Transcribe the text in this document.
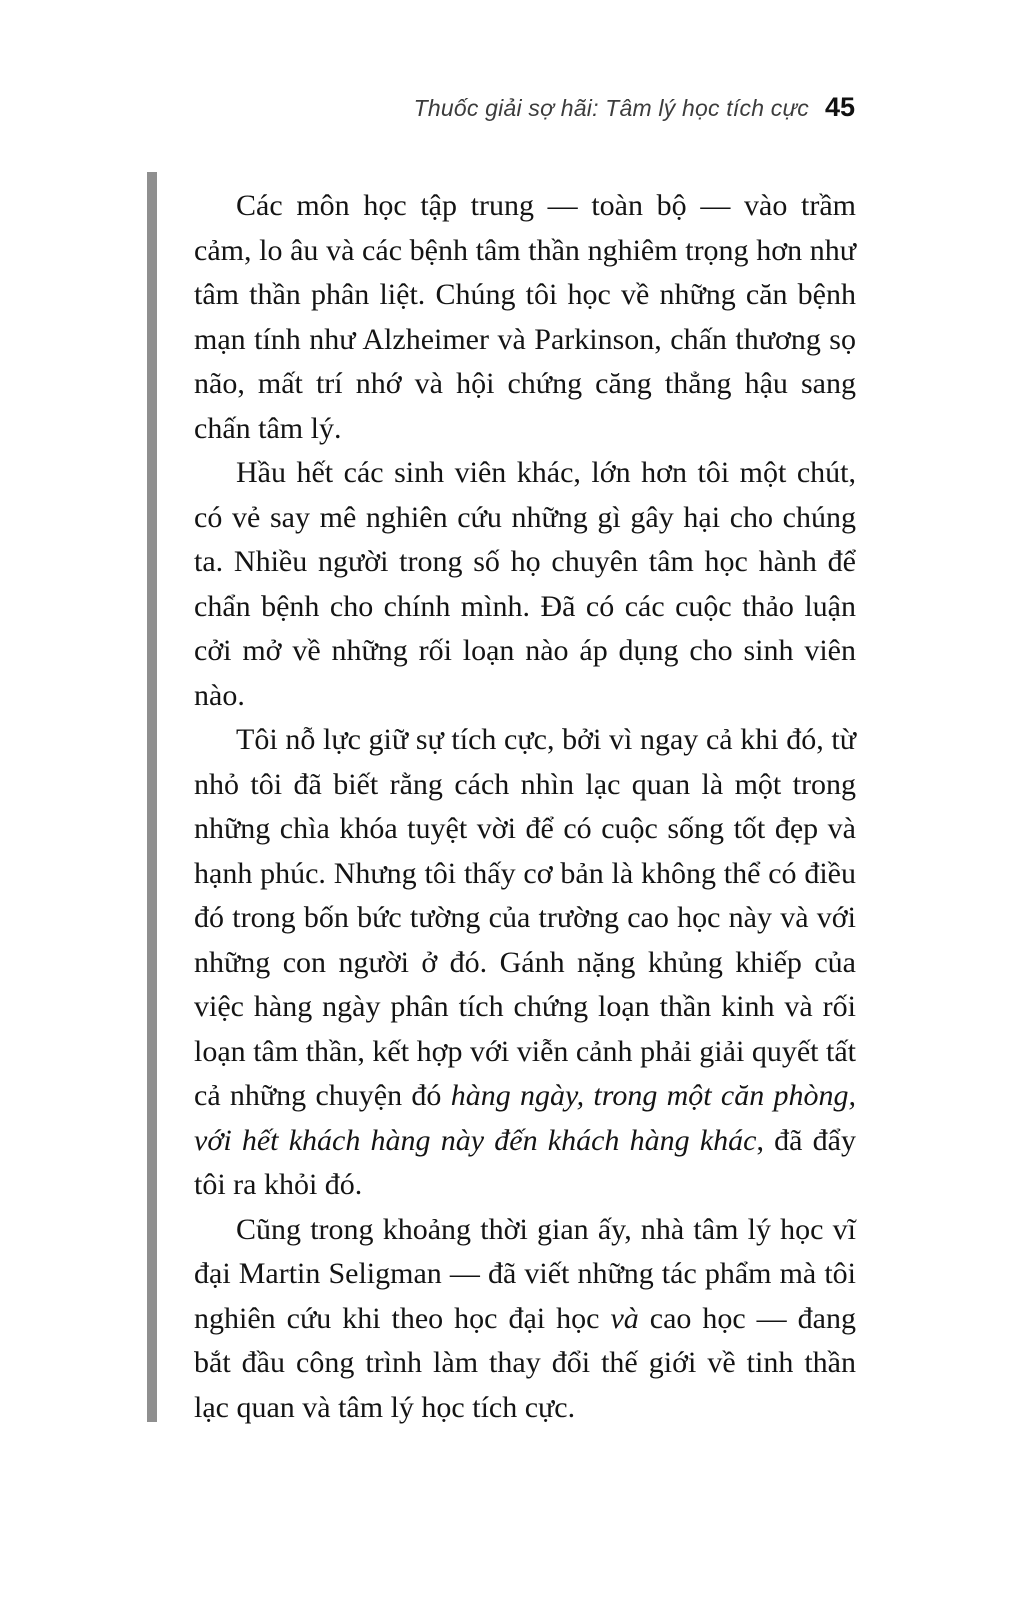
Thuốc giải sợ hãi: Tâm lý học tích cực 45

Các môn học tập trung — toàn bộ — vào trầm cảm, lo âu và các bệnh tâm thần nghiêm trọng hơn như tâm thần phân liệt. Chúng tôi học về những căn bệnh mạn tính như Alzheimer và Parkinson, chấn thương sọ não, mất trí nhớ và hội chứng căng thẳng hậu sang chấn tâm lý.

Hầu hết các sinh viên khác, lớn hơn tôi một chút, có vẻ say mê nghiên cứu những gì gây hại cho chúng ta. Nhiều người trong số họ chuyên tâm học hành để chẩn bệnh cho chính mình. Đã có các cuộc thảo luận cởi mở về những rối loạn nào áp dụng cho sinh viên nào.

Tôi nỗ lực giữ sự tích cực, bởi vì ngay cả khi đó, từ nhỏ tôi đã biết rằng cách nhìn lạc quan là một trong những chìa khóa tuyệt vời để có cuộc sống tốt đẹp và hạnh phúc. Nhưng tôi thấy cơ bản là không thể có điều đó trong bốn bức tường của trường cao học này và với những con người ở đó. Gánh nặng khủng khiếp của việc hàng ngày phân tích chứng loạn thần kinh và rối loạn tâm thần, kết hợp với viễn cảnh phải giải quyết tất cả những chuyện đó hàng ngày, trong một căn phòng, với hết khách hàng này đến khách hàng khác, đã đẩy tôi ra khỏi đó.

Cũng trong khoảng thời gian ấy, nhà tâm lý học vĩ đại Martin Seligman — đã viết những tác phẩm mà tôi nghiên cứu khi theo học đại học và cao học — đang bắt đầu công trình làm thay đổi thế giới về tinh thần lạc quan và tâm lý học tích cực.
